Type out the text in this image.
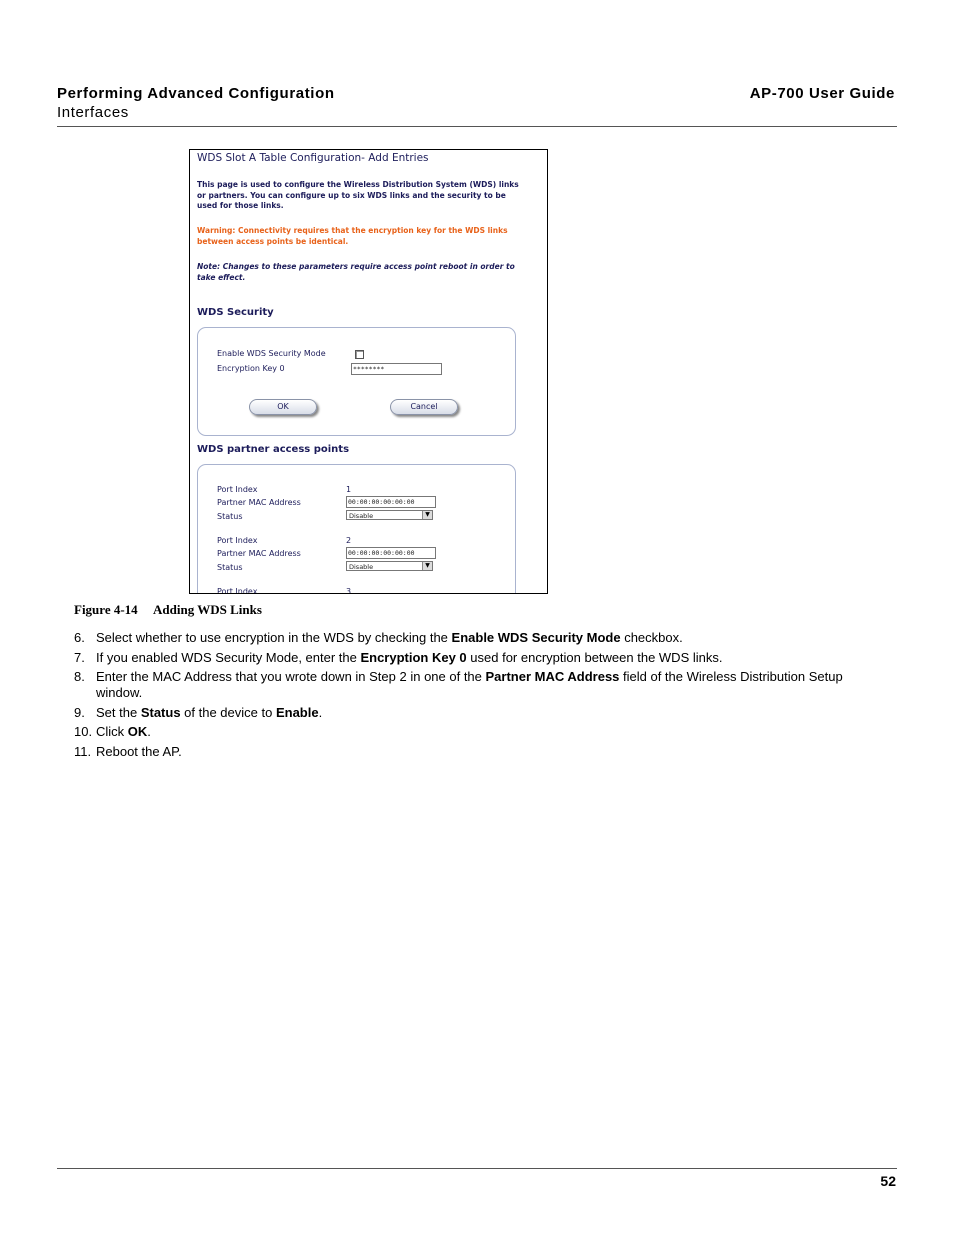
Performing Advanced Configuration
Interfaces
AP-700 User Guide
WDS Slot A Table Configuration- Add Entries
This page is used to configure the Wireless Distribution System (WDS) links or partners. You can configure up to six WDS links and the security to be used for those links.
Warning: Connectivity requires that the encryption key for the WDS links between access points be identical.
Note: Changes to these parameters require access point reboot in order to take effect.
WDS Security
Enable WDS Security Mode
Encryption Key 0	********
OK	Cancel
WDS partner access points
Port Index	1
Partner MAC Address	00:00:00:00:00:00
Status	Disable	▼
Port Index	2
Partner MAC Address	00:00:00:00:00:00
Status	Disable	▼
Port Index	3
Figure 4-14 Adding WDS Links
6. Select whether to use encryption in the WDS by checking the Enable WDS Security Mode checkbox.
7. If you enabled WDS Security Mode, enter the Encryption Key 0 used for encryption between the WDS links.
8. Enter the MAC Address that you wrote down in Step 2 in one of the Partner MAC Address field of the Wireless Distribution Setup window.
9. Set the Status of the device to Enable.
10. Click OK.
11. Reboot the AP.
52
